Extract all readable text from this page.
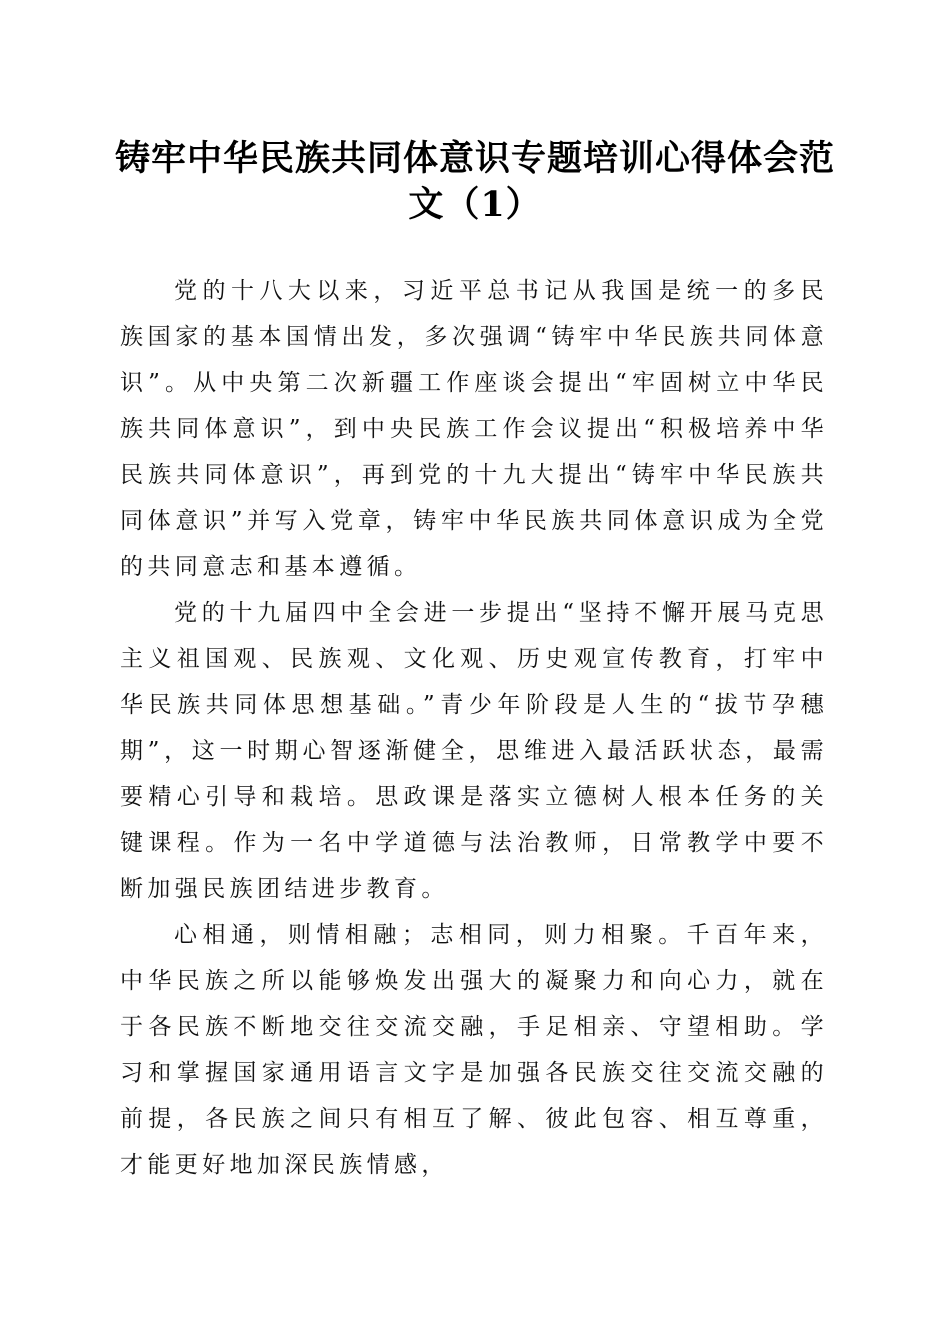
铸牢中华民族共同体意识专题培训心得体会范文（1）

党的十八大以来，习近平总书记从我国是统一的多民族国家的基本国情出发，多次强调“铸牢中华民族共同体意识”。从中央第二次新疆工作座谈会提出“牢固树立中华民族共同体意识”，到中央民族工作会议提出“积极培养中华民族共同体意识”，再到党的十九大提出“铸牢中华民族共同体意识”并写入党章，铸牢中华民族共同体意识成为全党的共同意志和基本遵循。

党的十九届四中全会进一步提出“坚持不懈开展马克思主义祖国观、民族观、文化观、历史观宣传教育，打牢中华民族共同体思想基础。”青少年阶段是人生的“拔节孕穗期”，这一时期心智逐渐健全，思维进入最活跃状态，最需要精心引导和栽培。思政课是落实立德树人根本任务的关键课程。作为一名中学道德与法治教师，日常教学中要不断加强民族团结进步教育。

心相通，则情相融；志相同，则力相聚。千百年来，中华民族之所以能够焕发出强大的凝聚力和向心力，就在于各民族不断地交往交流交融，手足相亲、守望相助。学习和掌握国家通用语言文字是加强各民族交往交流交融的前提，各民族之间只有相互了解、彼此包容、相互尊重，才能更好地加深民族情感，
